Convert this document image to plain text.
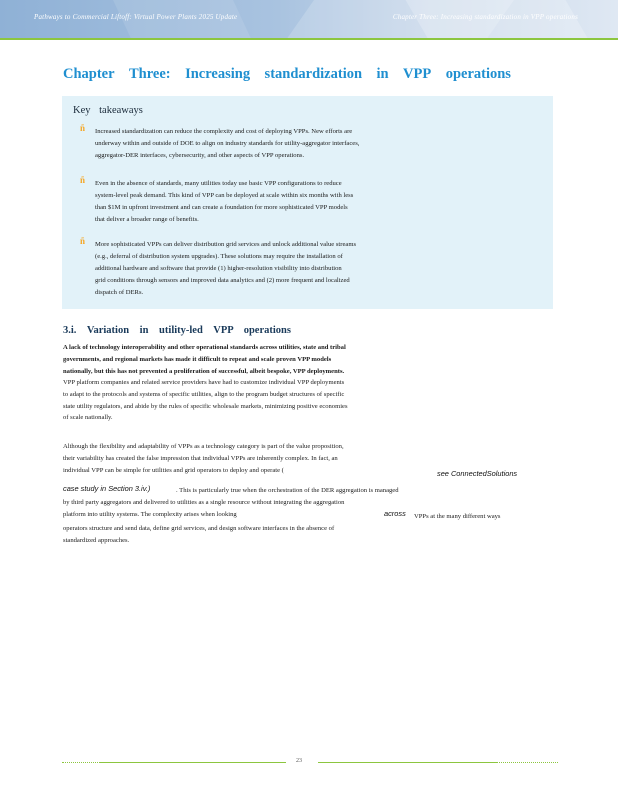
Pathways to Commercial Liftoff: Virtual Power Plants 2025 Update	Chapter Three: Increasing standardization in VPP operations
Chapter Three: Increasing standardization in VPP operations
Key takeaways
ñ Increased standardization can reduce the complexity and cost of deploying VPPs. New efforts are
underway within and outside of DOE to align on industry standards for utility-aggregator interfaces,
aggregator-DER interfaces, cybersecurity, and other aspects of VPP operations.
ñ Even in the absence of standards, many utilities today use basic VPP configurations to reduce
system-level peak demand. This kind of VPP can be deployed at scale within six months with less
than $1M in upfront investment and can create a foundation for more sophisticated VPP models
that deliver a broader range of benefits.
ñ More sophisticated VPPs can deliver distribution grid services and unlock additional value streams
(e.g., deferral of distribution system upgrades). These solutions may require the installation of
additional hardware and software that provide (1) higher-resolution visibility into distribution
grid conditions through sensors and improved data analytics and (2) more frequent and localized
dispatch of DERs.
3.i. Variation in utility-led VPP operations
A lack of technology interoperability and other operational standards across utilities, state and tribal
governments, and regional markets has made it difficult to repeat and scale proven VPP models
nationally, but this has not prevented a proliferation of successful, albeit bespoke, VPP deployments.
VPP platform companies and related service providers have had to customize individual VPP deployments
to adapt to the protocols and systems of specific utilities, align to the program budget structures of specific
state utility regulators, and abide by the rules of specific wholesale markets, minimizing positive economies
of scale nationally.
Although the flexibility and adaptability of VPPs as a technology category is part of the value proposition,
their variability has created the false impression that individual VPPs are inherently complex. In fact, an
individual VPP can be simple for utilities and grid operators to deploy and operate (	see ConnectedSolutions
case study in Section 3.iv.)	. This is particularly true when the orchestration of the DER aggregation is managed
by third party aggregators and delivered to utilities as a single resource without integrating the aggregation
platform into utility systems. The complexity arises when looking	across VPPs at the many different ways
operators structure and send data, define grid services, and design software interfaces in the absence of
standardized approaches.
23
